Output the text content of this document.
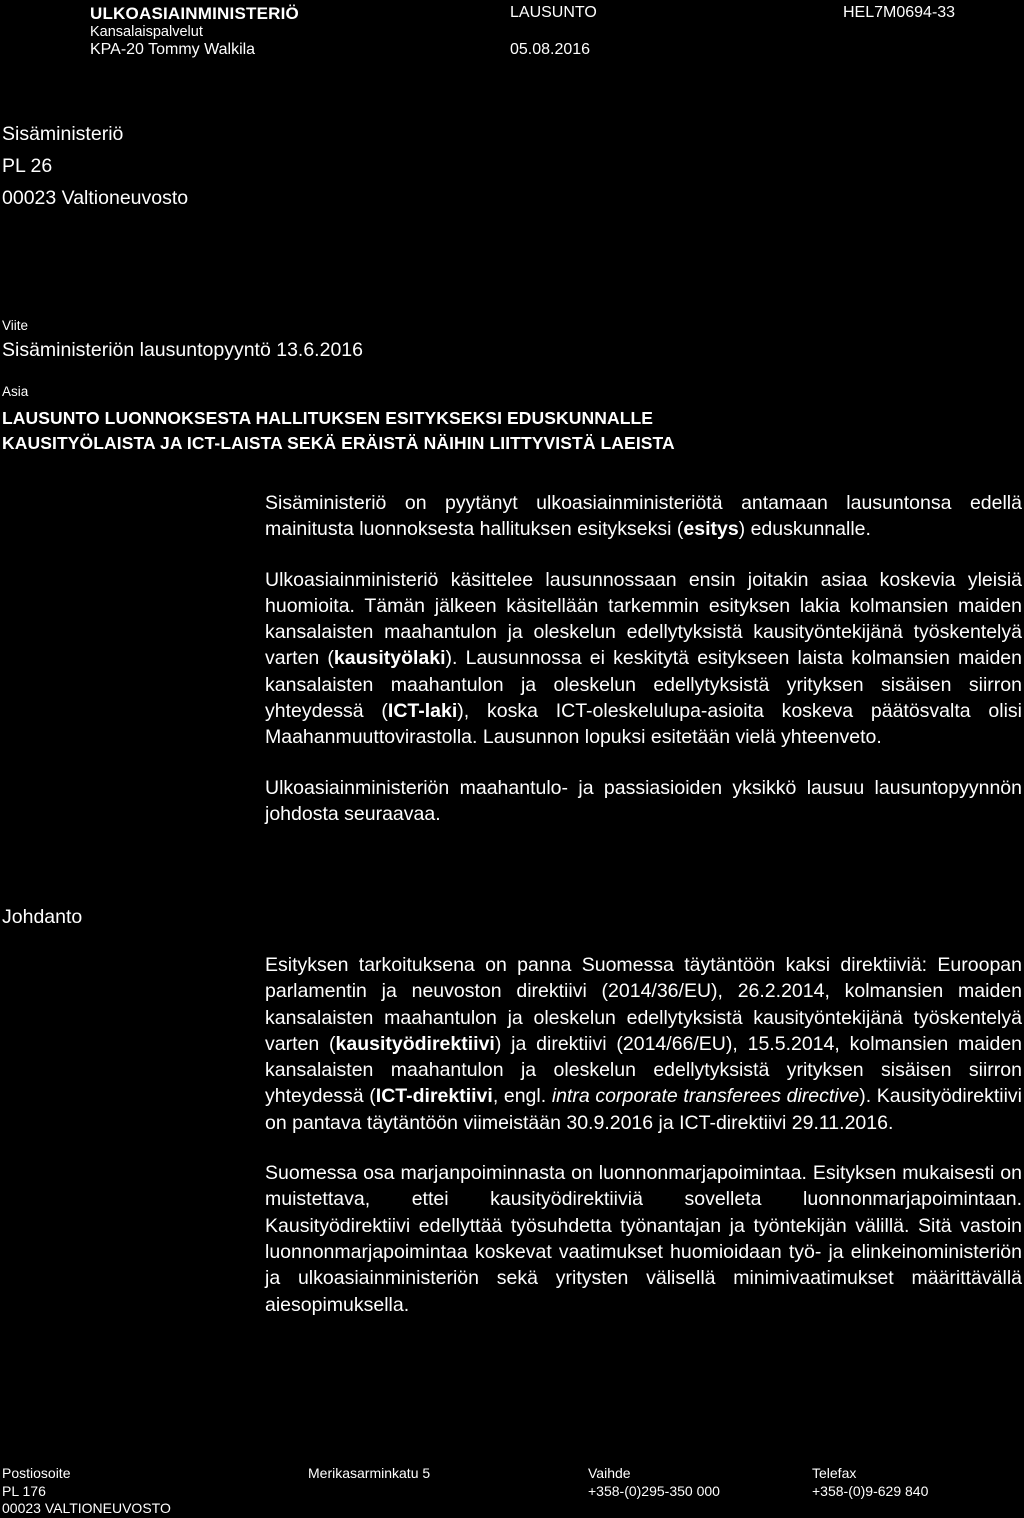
ULKOASIAINMINISTERIÖ
Kansalaispalvelut
KPA-20 Tommy Walkila
LAUSUNTO
05.08.2016
HEL7M0694-33
Sisäministeriö
PL 26
00023 Valtioneuvosto
Viite
Sisäministeriön lausuntopyyntö 13.6.2016
Asia
LAUSUNTO LUONNOKSESTA HALLITUKSEN ESITYKSEKSI EDUSKUNNALLE
KAUSITYÖLAISTA JA ICT-LAISTA SEKÄ ERÄISTÄ NÄIHIN LIITTYVISTÄ LAEISTA

Sisäministeriö on pyytänyt ulkoasiainministeriötä antamaan lausuntonsa edellä mainitusta luonnoksesta hallituksen esitykseksi (esitys) eduskunnalle.

Ulkoasiainministeriö käsittelee lausunnossaan ensin joitakin asiaa koskevia yleisiä huomioita. Tämän jälkeen käsitellään tarkemmin esityksen lakia kolmansien maiden kansalaisten maahantulon ja oleskelun edellytyksistä kausityöntekijänä työskentelyä varten (kausityölaki). Lausunnossa ei keskitytä esitykseen laista kolmansien maiden kansalaisten maahantulon ja oleskelun edellytyksistä yrityksen sisäisen siirron yhteydessä (ICT-laki), koska ICT-oleskelulupa-asioita koskeva päätösvalta olisi Maahanmuuttovirastolla. Lausunnon lopuksi esitetään vielä yhteenveto.

Ulkoasiainministeriön maahantulo- ja passiasioiden yksikkö lausuu lausuntopyynnön johdosta seuraavaa.

Johdanto

Esityksen tarkoituksena on panna Suomessa täytäntöön kaksi direktiiviä: Euroopan parlamentin ja neuvoston direktiivi (2014/36/EU), 26.2.2014, kolmansien maiden kansalaisten maahantulon ja oleskelun edellytyksistä kausityöntekijänä työskentelyä varten (kausityödirektiivi) ja direktiivi (2014/66/EU), 15.5.2014, kolmansien maiden kansalaisten maahantulon ja oleskelun edellytyksistä yrityksen sisäisen siirron yhteydessä (ICT-direktiivi, engl. intra corporate transferees directive). Kausityödirektiivi on pantava täytäntöön viimeistään 30.9.2016 ja ICT-direktiivi 29.11.2016.

Suomessa osa marjanpoiminnasta on luonnonmarjapoimintaa. Esityksen mukaisesti on muistettava, ettei kausityödirektiiviä sovelleta luonnonmarjapoimintaan. Kausityödirektiivi edellyttää työsuhdetta työnantajan ja työntekijän välillä. Sitä vastoin luonnonmarjapoimintaa koskevat vaatimukset huomioidaan työ- ja elinkeinoministeriön ja ulkoasiainministeriön sekä yritysten välisellä minimivaatimukset määrittävällä aiesopimuksella.

Postiosoite
PL 176
00023 VALTIONEUVOSTO
Merikasarminkatu 5	Vaihde
+358-(0)295-350 000
Telefax
+358-(0)9-629 840
